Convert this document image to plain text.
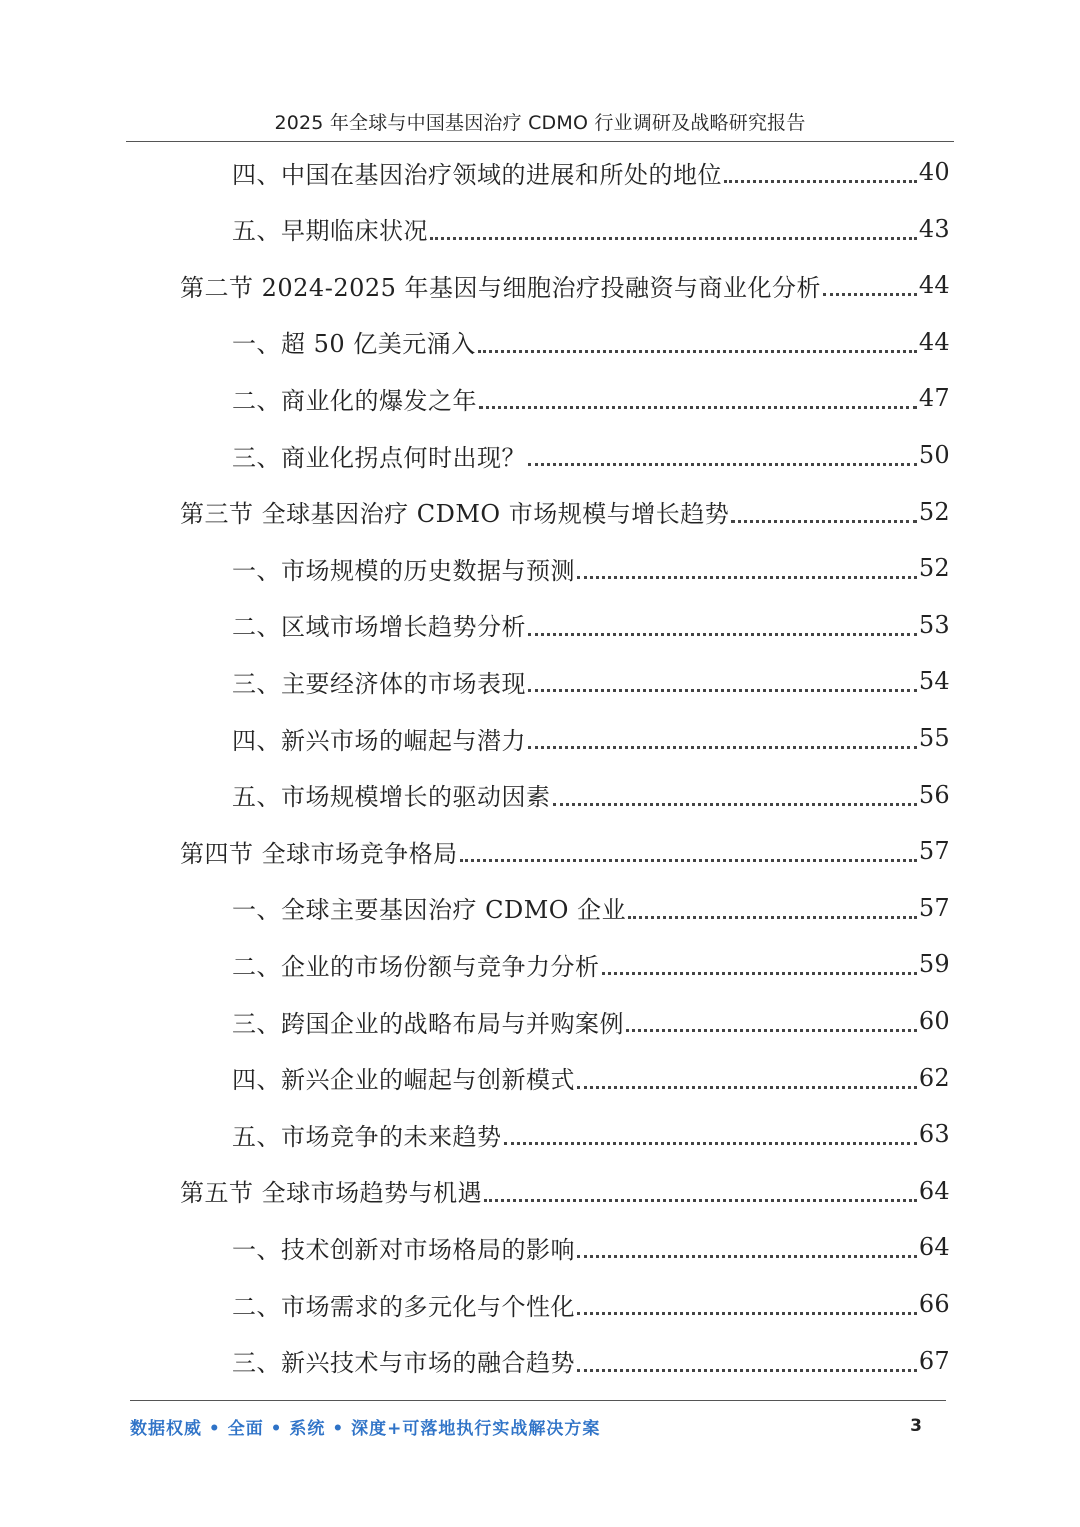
2025 年全球与中国基因治疗 CDMO 行业调研及战略研究报告
四、中国在基因治疗领域的进展和所处的地位	40
五、早期临床状况	43
第二节 2024-2025 年基因与细胞治疗投融资与商业化分析	44
一、超 50 亿美元涌入	44
二、商业化的爆发之年	47
三、商业化拐点何时出现？	50
第三节 全球基因治疗 CDMO 市场规模与增长趋势	52
一、市场规模的历史数据与预测	52
二、区域市场增长趋势分析	53
三、主要经济体的市场表现	54
四、新兴市场的崛起与潜力	55
五、市场规模增长的驱动因素	56
第四节 全球市场竞争格局	57
一、全球主要基因治疗 CDMO 企业	57
二、企业的市场份额与竞争力分析	59
三、跨国企业的战略布局与并购案例	60
四、新兴企业的崛起与创新模式	62
五、市场竞争的未来趋势	63
第五节 全球市场趋势与机遇	64
一、技术创新对市场格局的影响	64
二、市场需求的多元化与个性化	66
三、新兴技术与市场的融合趋势	67
数据权威 • 全面 • 系统 • 深度+可落地执行实战解决方案	3
